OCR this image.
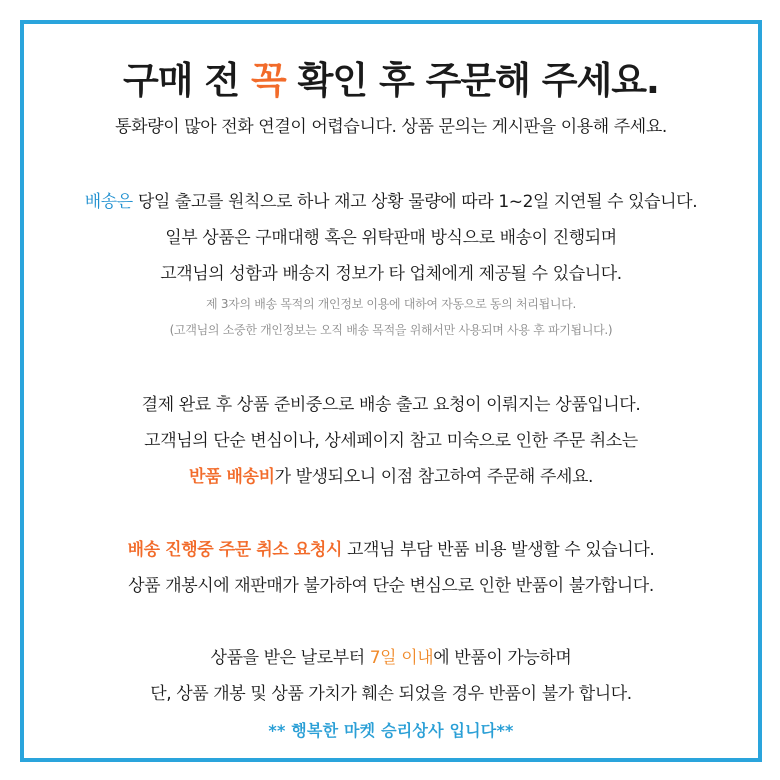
구매 전 꼭 확인 후 주문해 주세요.
통화량이 많아 전화 연결이 어렵습니다. 상품 문의는 게시판을 이용해 주세요.
배송은 당일 출고를 원칙으로 하나 재고 상황 물량에 따라 1~2일 지연될 수 있습니다.
일부 상품은 구매대행 혹은 위탁판매 방식으로 배송이 진행되며
고객님의 성함과 배송지 정보가 타 업체에게 제공될 수 있습니다.
제 3자의 배송 목적의 개인정보 이용에 대하여 자동으로 동의 처리됩니다.
(고객님의 소중한 개인정보는 오직 배송 목적을 위해서만 사용되며 사용 후 파기됩니다.)
결제 완료 후 상품 준비중으로 배송 출고 요청이 이뤄지는 상품입니다.
고객님의 단순 변심이나, 상세페이지 참고 미숙으로 인한 주문 취소는
반품 배송비가 발생되오니 이점 참고하여 주문해 주세요.
배송 진행중 주문 취소 요청시 고객님 부담 반품 비용 발생할 수 있습니다.
상품 개봉시에 재판매가 불가하여 단순 변심으로 인한 반품이 불가합니다.
상품을 받은 날로부터 7일 이내에 반품이 가능하며
단, 상품 개봉 및 상품 가치가 훼손 되었을 경우 반품이 불가 합니다.
** 행복한 마켓 승리상사 입니다**
